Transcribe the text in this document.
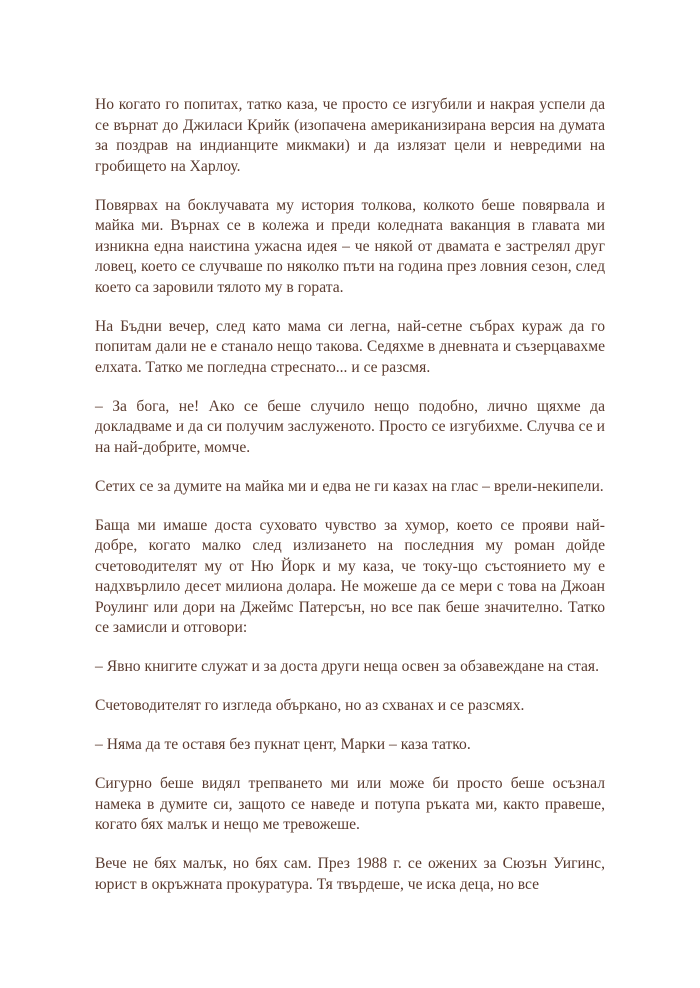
Но когато го попитах, татко каза, че просто се изгубили и накрая успели да се върнат до Джиласи Крийк (изопачена американизирана версия на думата за поздрав на индианците микмаки) и да излязат цели и невредими на гробището на Харлоу.

Повярвах на боклучавата му история толкова, колкото беше повярвала и майка ми. Върнах се в колежа и преди коледната ваканция в главата ми изникна една наистина ужасна идея – че някой от двамата е застрелял друг ловец, което се случваше по няколко пъти на година през ловния сезон, след което са заровили тялото му в гората.

На Бъдни вечер, след като мама си легна, най-сетне събрах кураж да го попитам дали не е станало нещо такова. Седяхме в дневната и съзерцавахме елхата. Татко ме погледна стреснато... и се разсмя.

– За бога, не! Ако се беше случило нещо подобно, лично щяхме да докладваме и да си получим заслуженото. Просто се изгубихме. Случва се и на най-добрите, момче.

Сетих се за думите на майка ми и едва не ги казах на глас – врели-некипели.

Баща ми имаше доста суховато чувство за хумор, което се прояви най-добре, когато малко след излизането на последния му роман дойде счетоводителят му от Ню Йорк и му каза, че току-що състоянието му е надхвърлило десет милиона долара. Не можеше да се мери с това на Джоан Роулинг или дори на Джеймс Патерсън, но все пак беше значително. Татко се замисли и отговори:

– Явно книгите служат и за доста други неща освен за обзавеждане на стая.

Счетоводителят го изгледа объркано, но аз схванах и се разсмях.

– Няма да те оставя без пукнат цент, Марки – каза татко.

Сигурно беше видял трепването ми или може би просто беше осъзнал намека в думите си, защото се наведе и потупа ръката ми, както правеше, когато бях малък и нещо ме тревожеше.

Вече не бях малък, но бях сам. През 1988 г. се ожених за Сюзън Уигинс, юрист в окръжната прокуратура. Тя твърдеше, че иска деца, но все
